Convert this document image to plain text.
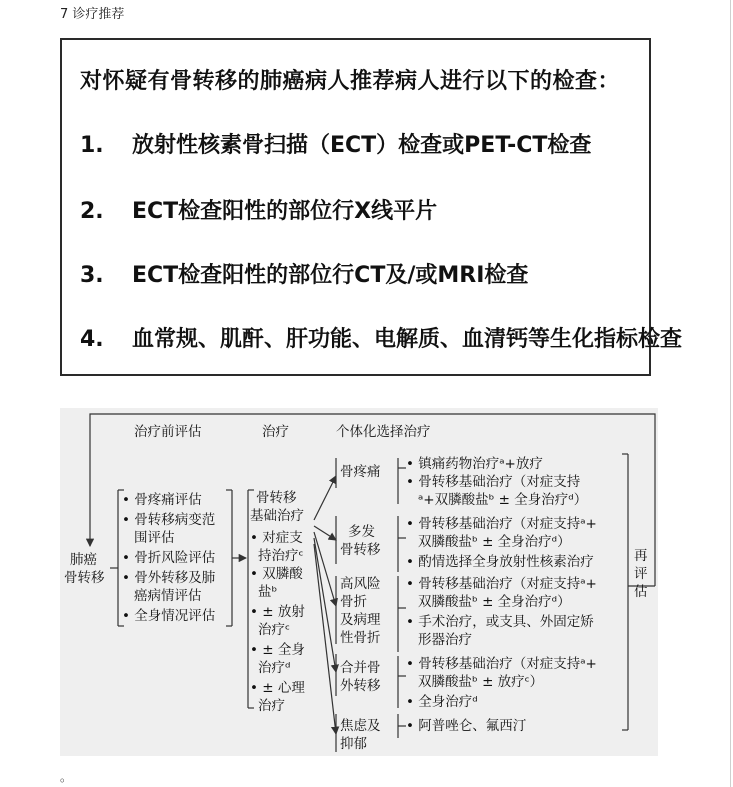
7 诊疗推荐
对怀疑有骨转移的肺癌病人推荐病人进行以下的检查：
1. 放射性核素骨扫描（ECT）检查或PET-CT检查
2. ECT检查阳性的部位行X线平片
3. ECT检查阳性的部位行CT及/或MRI检查
4. 血常规、肌酐、肝功能、电解质、血清钙等生化指标检查
治疗前评估	治疗	个体化选择治疗
肺癌
骨转移
• 骨疼痛评估
• 骨转移病变范
围评估
• 骨折风险评估
• 骨外转移及肺
癌病情评估
• 全身情况评估
骨转移
基础治疗
• 对症支
持治疗ᶜ
• 双膦酸
盐ᵇ
• ± 放射
治疗ᶜ
• ± 全身
治疗ᵈ
• ± 心理
治疗
骨疼痛
多发
骨转移
高风险
骨折
及病理
性骨折
合并骨
外转移
焦虑及
抑郁
• 镇痛药物治疗ᵃ+放疗
• 骨转移基础治疗（对症支持
ᵃ+双膦酸盐ᵇ ± 全身治疗ᵈ）
• 骨转移基础治疗（对症支持ᵃ+
双膦酸盐ᵇ ± 全身治疗ᵈ）
• 酌情选择全身放射性核素治疗
• 骨转移基础治疗（对症支持ᵃ+
双膦酸盐ᵇ ± 全身治疗ᵈ）
• 手术治疗，或支具、外固定矫
形器治疗
• 骨转移基础治疗（对症支持ᵃ+
双膦酸盐ᵇ ± 放疗ᶜ）
• 全身治疗ᵈ
• 阿普唑仑、氟西汀
再
评
估
。
